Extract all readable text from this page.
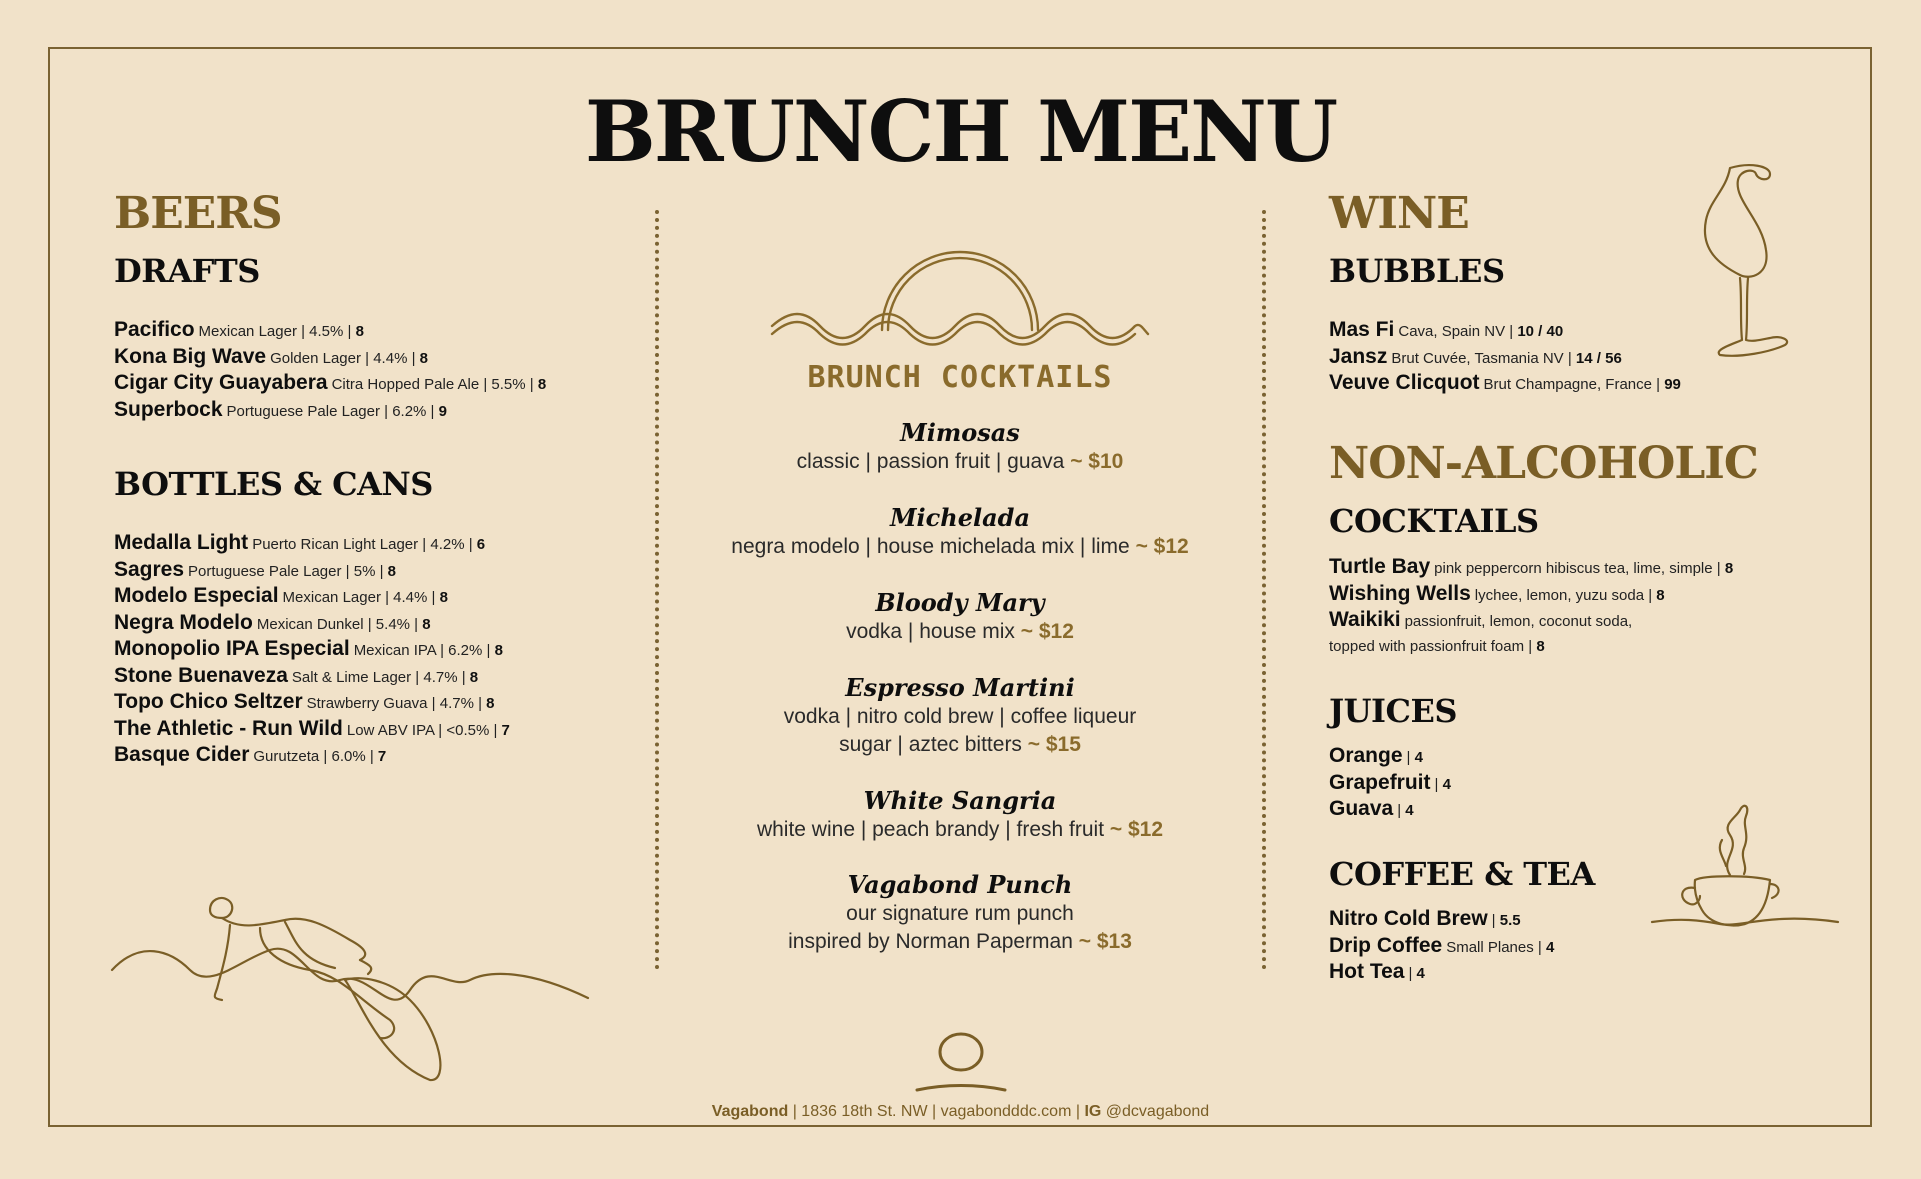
BRUNCH MENU
BEERS
DRAFTS
Pacifico Mexican Lager | 4.5% | 8
Kona Big Wave Golden Lager | 4.4% | 8
Cigar City Guayabera Citra Hopped Pale Ale | 5.5% | 8
Superbock Portuguese Pale Lager | 6.2% | 9
BOTTLES & CANS
Medalla Light Puerto Rican Light Lager | 4.2% | 6
Sagres Portuguese Pale Lager | 5% | 8
Modelo Especial Mexican Lager | 4.4% | 8
Negra Modelo Mexican Dunkel | 5.4% | 8
Monopolio IPA Especial Mexican IPA | 6.2% | 8
Stone Buenaveza Salt & Lime Lager | 4.7% | 8
Topo Chico Seltzer Strawberry Guava | 4.7% | 8
The Athletic - Run Wild Low ABV IPA | <0.5% | 7
Basque Cider Gurutzeta | 6.0% | 7
BRUNCH COCKTAILS
Mimosas
classic | passion fruit | guava ~ $10
Michelada
negra modelo | house michelada mix | lime ~ $12
Bloody Mary
vodka | house mix ~ $12
Espresso Martini
vodka | nitro cold brew | coffee liqueur
sugar | aztec bitters ~ $15
White Sangria
white wine | peach brandy | fresh fruit ~ $12
Vagabond Punch
our signature rum punch
inspired by Norman Paperman ~ $13
WINE
BUBBLES
Mas Fi Cava, Spain NV | 10 / 40
Jansz Brut Cuvée, Tasmania NV | 14 / 56
Veuve Clicquot Brut Champagne, France | 99
NON-ALCOHOLIC
COCKTAILS
Turtle Bay pink peppercorn hibiscus tea, lime, simple | 8
Wishing Wells lychee, lemon, yuzu soda | 8
Waikiki passionfruit, lemon, coconut soda,
topped with passionfruit foam | 8
JUICES
Orange | 4
Grapefruit | 4
Guava | 4
COFFEE & TEA
Nitro Cold Brew | 5.5
Drip Coffee Small Planes | 4
Hot Tea | 4
Vagabond | 1836 18th St. NW | vagabondddc.com | IG @dcvagabond
